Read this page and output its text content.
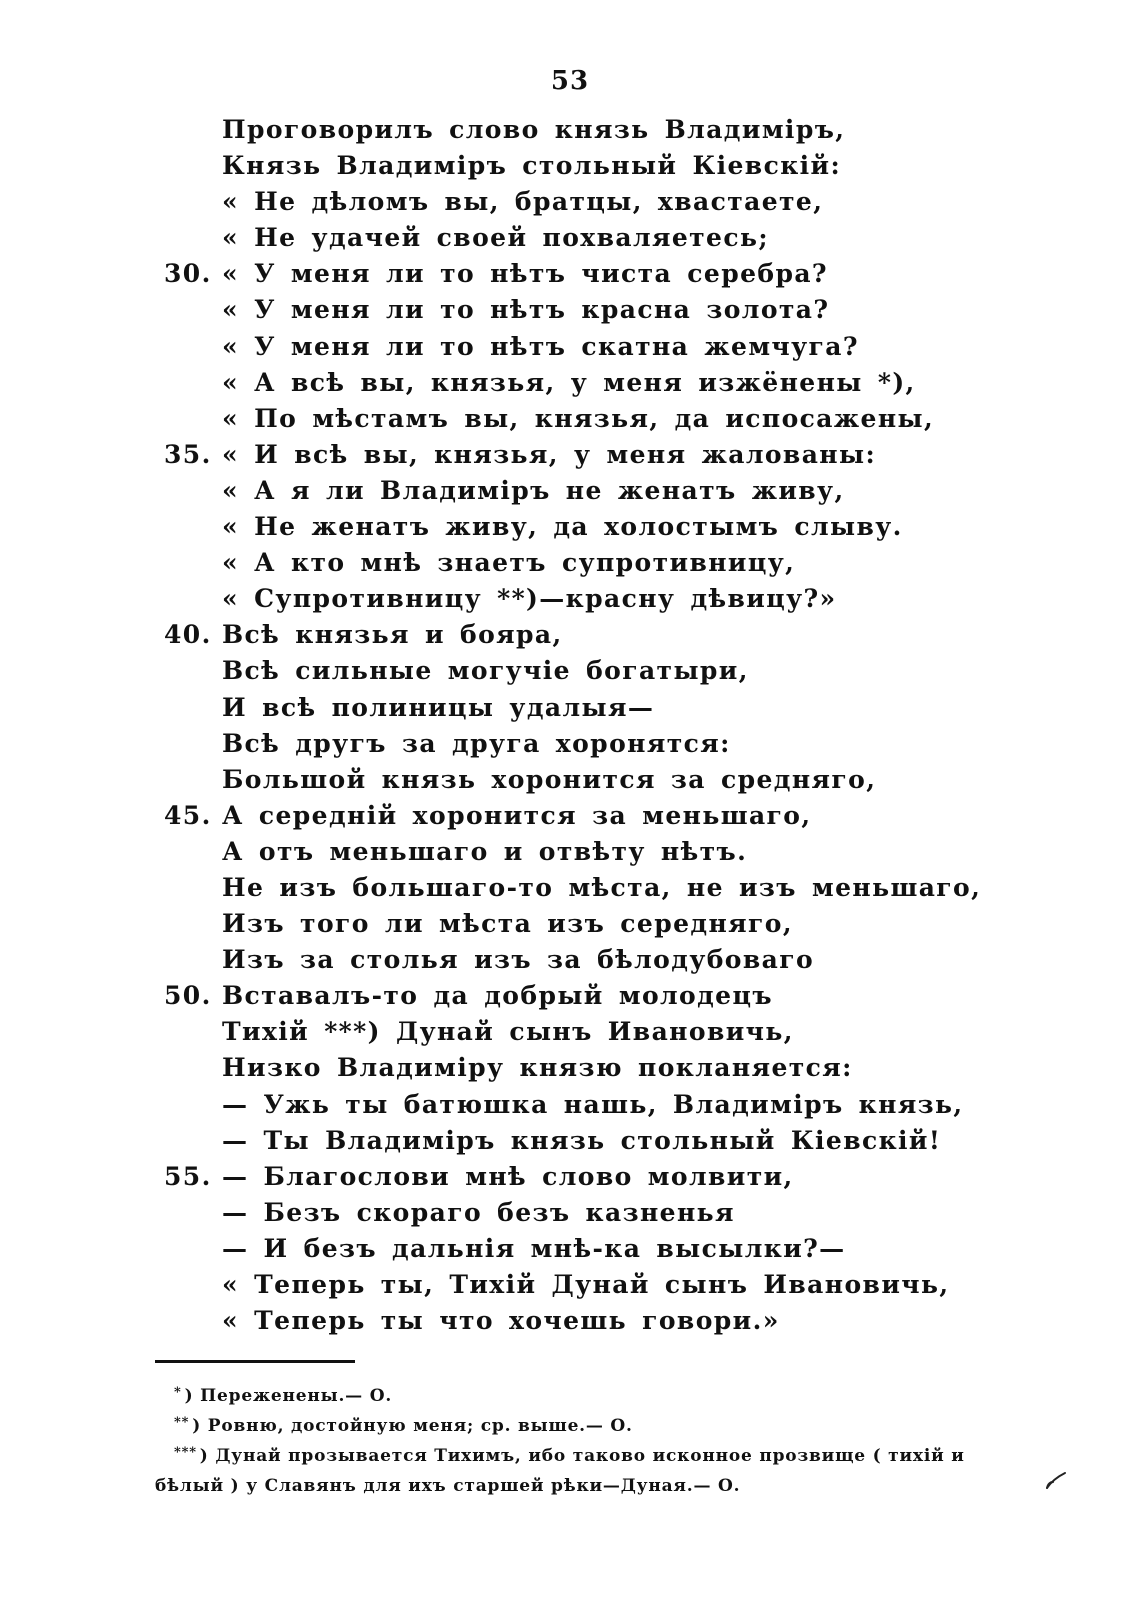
53
Проговорилъ слово князь Владиміръ,
Князь Владиміръ стольный Кіевскій:
« Не дѣломъ вы, братцы, хвастаете,
« Не удачей своей похваляетесь;
30. « У меня ли то нѣтъ чиста серебра?
« У меня ли то нѣтъ красна золота?
« У меня ли то нѣтъ скатна жемчуга?
« А всѣ вы, князья, у меня изжёнены *),
« По мѣстамъ вы, князья, да испосажены,
35. « И всѣ вы, князья, у меня жалованы:
« А я ли Владиміръ не женатъ живу,
« Не женатъ живу, да холостымъ слыву.
« А кто мнѣ знаетъ супротивницу,
« Супротивницу **)—красну дѣвицу?»
40. Всѣ князья и бояра,
Всѣ сильные могучіе богатыри,
И всѣ полиницы удалыя—
Всѣ другъ за друга хоронятся:
Большой князь хоронится за средняго,
45. А середній хоронится за меньшаго,
А отъ меньшаго и отвѣту нѣтъ.
Не изъ большаго-то мѣста, не изъ меньшаго,
Изъ того ли мѣста изъ середняго,
Изъ за столья изъ за бѣлодубоваго
50. Вставалъ-то да добрый молодецъ
Тихій ***) Дунай сынъ Ивановичь,
Низко Владиміру князю покланяется:
— Ужь ты батюшка нашь, Владиміръ князь,
— Ты Владиміръ князь стольный Кіевскій!
55. — Благослови мнѣ слово молвити,
— Безъ скораго безъ казненья
— И безъ дальнія мнѣ-ка высылки?—
« Теперь ты, Тихій Дунай сынъ Ивановичь,
« Теперь ты что хочешь говори.»
* ) Переженены.— О.
** ) Ровню, достойную меня; ср. выше.— О.
*** ) Дунай прозывается Тихимъ, ибо таково исконное прозвище ( тихій и
бѣлый ) у Славянъ для ихъ старшей рѣки—Дуная.— О.
